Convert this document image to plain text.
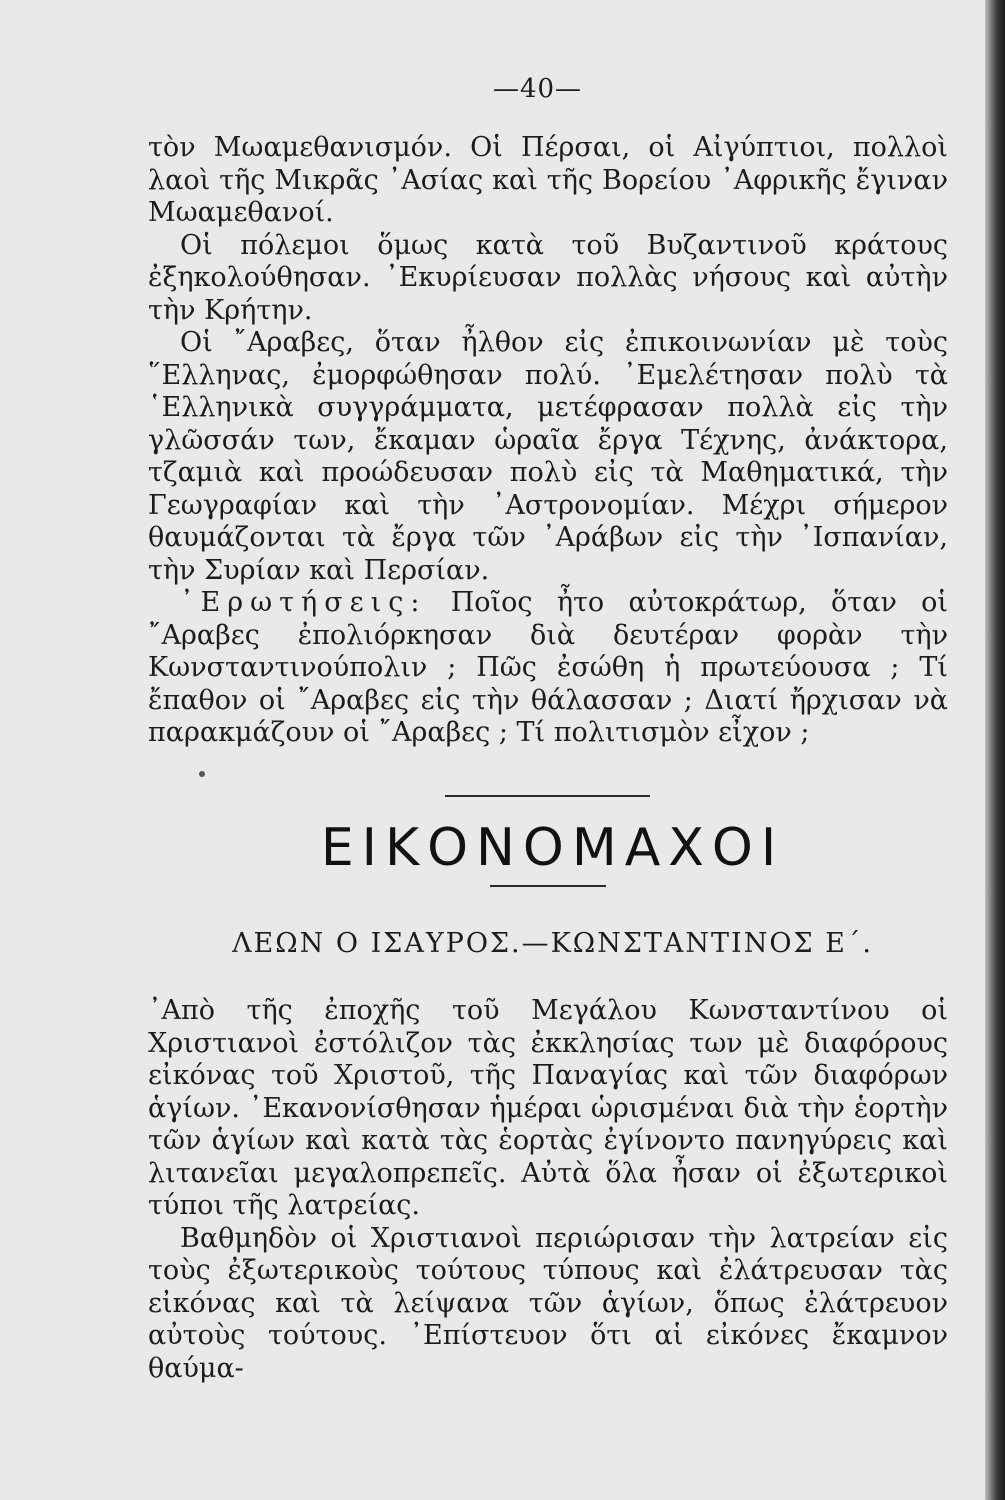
—40—

τὸν Μωαμεθανισμόν. Οἱ Πέρσαι, οἱ Αἰγύπτιοι, πολλοὶ λαοὶ τῆς Μικρᾶς ᾿Ασίας καὶ τῆς Βορείου ᾿Αφρικῆς ἔγιναν Μωαμεθανοί.

Οἱ πόλεμοι ὅμως κατὰ τοῦ Βυζαντινοῦ κράτους ἐξηκολούθησαν. ᾿Εκυρίευσαν πολλὰς νήσους καὶ αὐτὴν τὴν Κρήτην.

Οἱ ῎Αραβες, ὅταν ἦλθον εἰς ἐπικοινωνίαν μὲ τοὺς ῞Ελληνας, ἐμορφώθησαν πολύ. ᾿Εμελέτησαν πολὺ τὰ ῾Ελληνικὰ συγγράμματα, μετέφρασαν πολλὰ εἰς τὴν γλῶσσάν των, ἔκαμαν ὡραῖα ἔργα Τέχνης, ἀνάκτορα, τζαμιὰ καὶ προώδευσαν πολὺ εἰς τὰ Μαθηματικά, τὴν Γεωγραφίαν καὶ τὴν ᾿Αστρονομίαν. Μέχρι σήμερον θαυμάζονται τὰ ἔργα τῶν ᾿Αράβων εἰς τὴν ᾿Ισπανίαν, τὴν Συρίαν καὶ Περσίαν.

᾿Ερωτήσεις: Ποῖος ἦτο αὐτοκράτωρ, ὅταν οἱ ῎Αραβες ἐπολιόρκησαν διὰ δευτέραν φορὰν τὴν Κωνσταντινούπολιν ; Πῶς ἐσώθη ἡ πρωτεύουσα ; Τί ἔπαθον οἱ ῎Αραβες εἰς τὴν θάλασσαν ; Διατί ἤρχισαν νὰ παρακμάζουν οἱ ῎Αραβες ; Τί πολιτισμὸν εἶχον ;

ΕΙΚΟΝΟΜΑΧΟΙ
ΛΕΩΝ Ο ΙΣΑΥΡΟΣ.—ΚΩΝΣΤΑΝΤΙΝΟΣ Ε΄.

᾿Απὸ τῆς ἐποχῆς τοῦ Μεγάλου Κωνσταντίνου οἱ Χριστιανοὶ ἐστόλιζον τὰς ἐκκλησίας των μὲ διαφόρους εἰκόνας τοῦ Χριστοῦ, τῆς Παναγίας καὶ τῶν διαφόρων ἁγίων. ᾿Εκανονίσθησαν ἡμέραι ὡρισμέναι διὰ τὴν ἑορτὴν τῶν ἁγίων καὶ κατὰ τὰς ἑορτὰς ἐγίνοντο πανηγύρεις καὶ λιτανεῖαι μεγαλοπρεπεῖς. Αὐτὰ ὅλα ἦσαν οἱ ἐξωτερικοὶ τύποι τῆς λατρείας.

Βαθμηδὸν οἱ Χριστιανοὶ περιώρισαν τὴν λατρείαν εἰς τοὺς ἐξωτερικοὺς τούτους τύπους καὶ ἐλάτρευσαν τὰς εἰκόνας καὶ τὰ λείψανα τῶν ἁγίων, ὅπως ἐλάτρευον αὐτοὺς τούτους. ᾿Επίστευον ὅτι αἱ εἰκόνες ἔκαμνον θαύμα-
